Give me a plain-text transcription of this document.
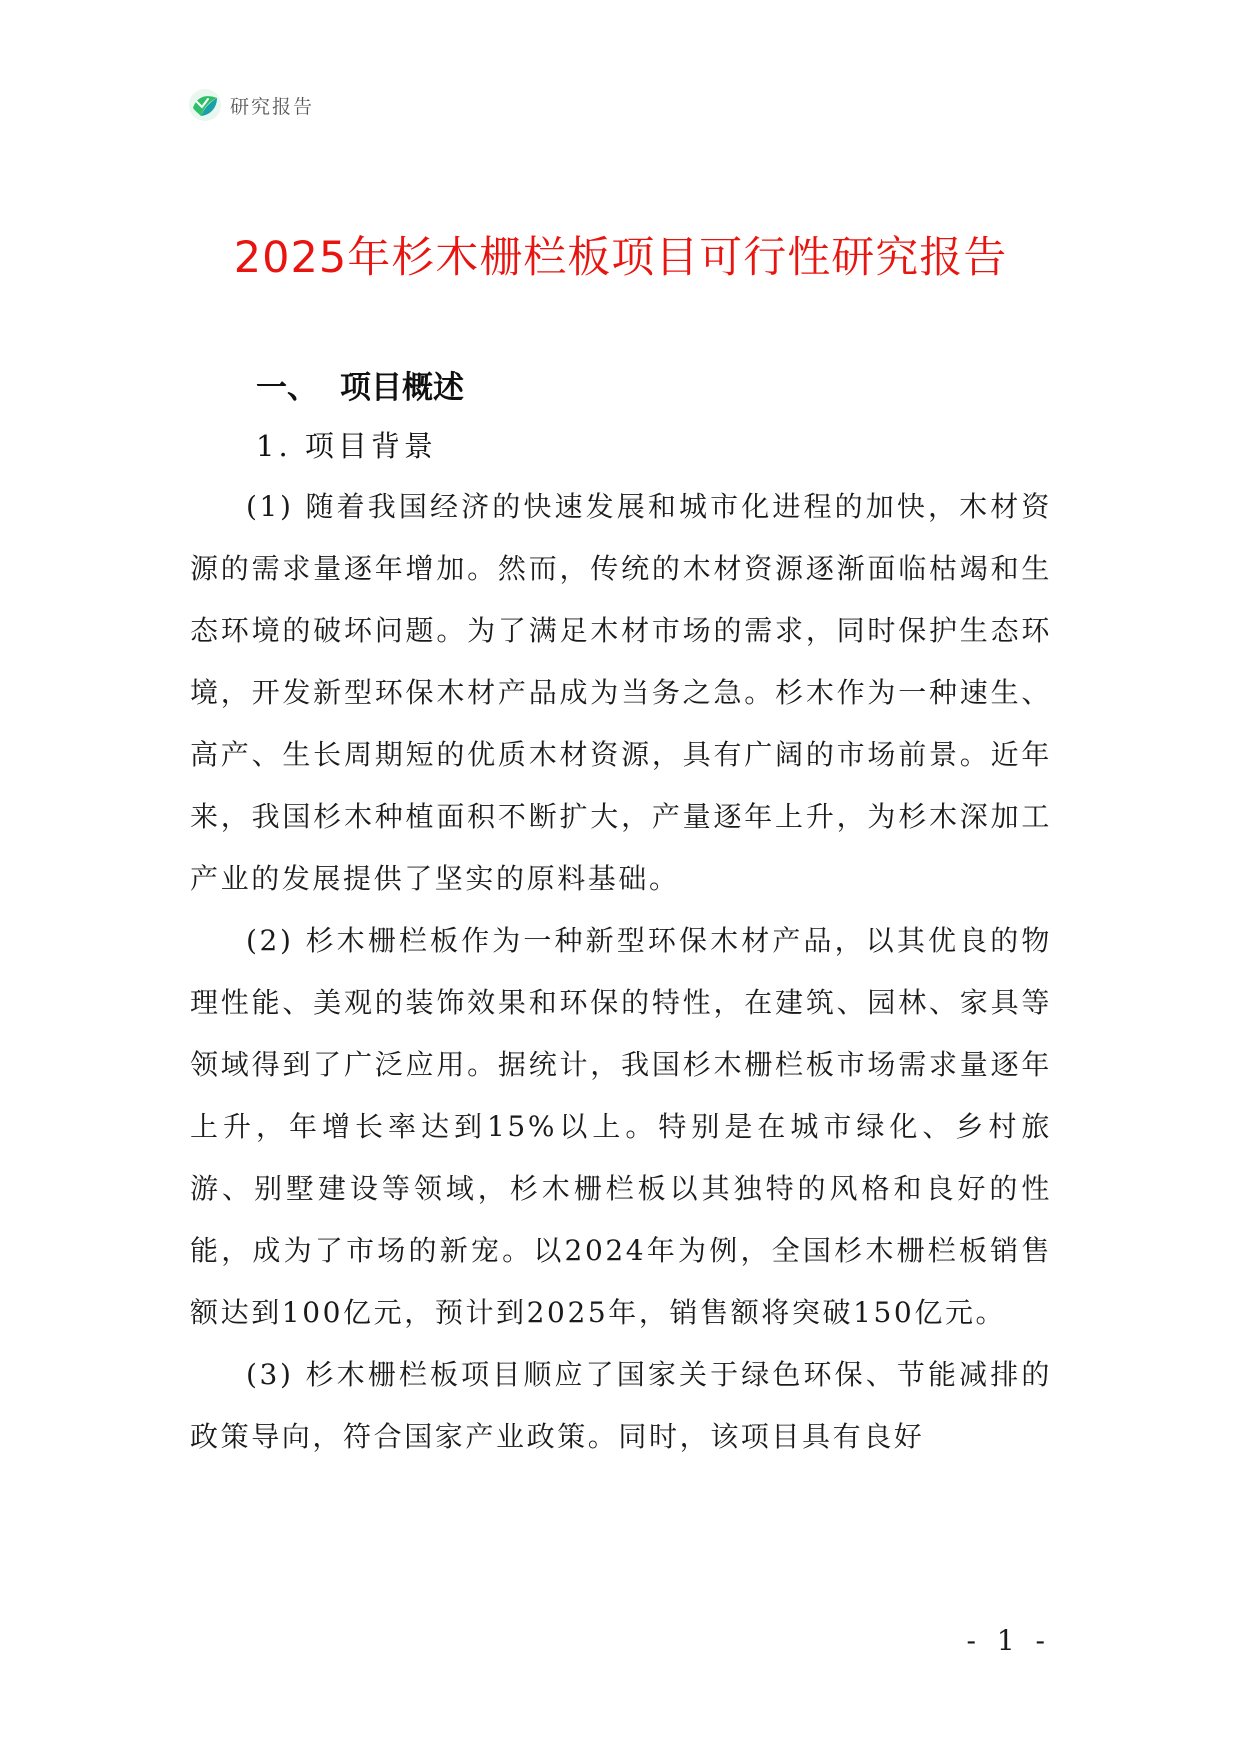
研究报告
2025年杉木栅栏板项目可行性研究报告
一、 项目概述
1. 项目背景

(1) 随着我国经济的快速发展和城市化进程的加快，木材资源的需求量逐年增加。然而，传统的木材资源逐渐面临枯竭和生态环境的破坏问题。为了满足木材市场的需求，同时保护生态环境，开发新型环保木材产品成为当务之急。杉木作为一种速生、高产、生长周期短的优质木材资源，具有广阔的市场前景。近年来，我国杉木种植面积不断扩大，产量逐年上升，为杉木深加工产业的发展提供了坚实的原料基础。

(2) 杉木栅栏板作为一种新型环保木材产品，以其优良的物理性能、美观的装饰效果和环保的特性，在建筑、园林、家具等领域得到了广泛应用。据统计，我国杉木栅栏板市场需求量逐年上升，年增长率达到15%以上。特别是在城市绿化、乡村旅游、别墅建设等领域，杉木栅栏板以其独特的风格和良好的性能，成为了市场的新宠。以2024年为例，全国杉木栅栏板销售额达到100亿元，预计到2025年，销售额将突破150亿元。

(3) 杉木栅栏板项目顺应了国家关于绿色环保、节能减排的政策导向，符合国家产业政策。同时，该项目具有良好

- 1 -
